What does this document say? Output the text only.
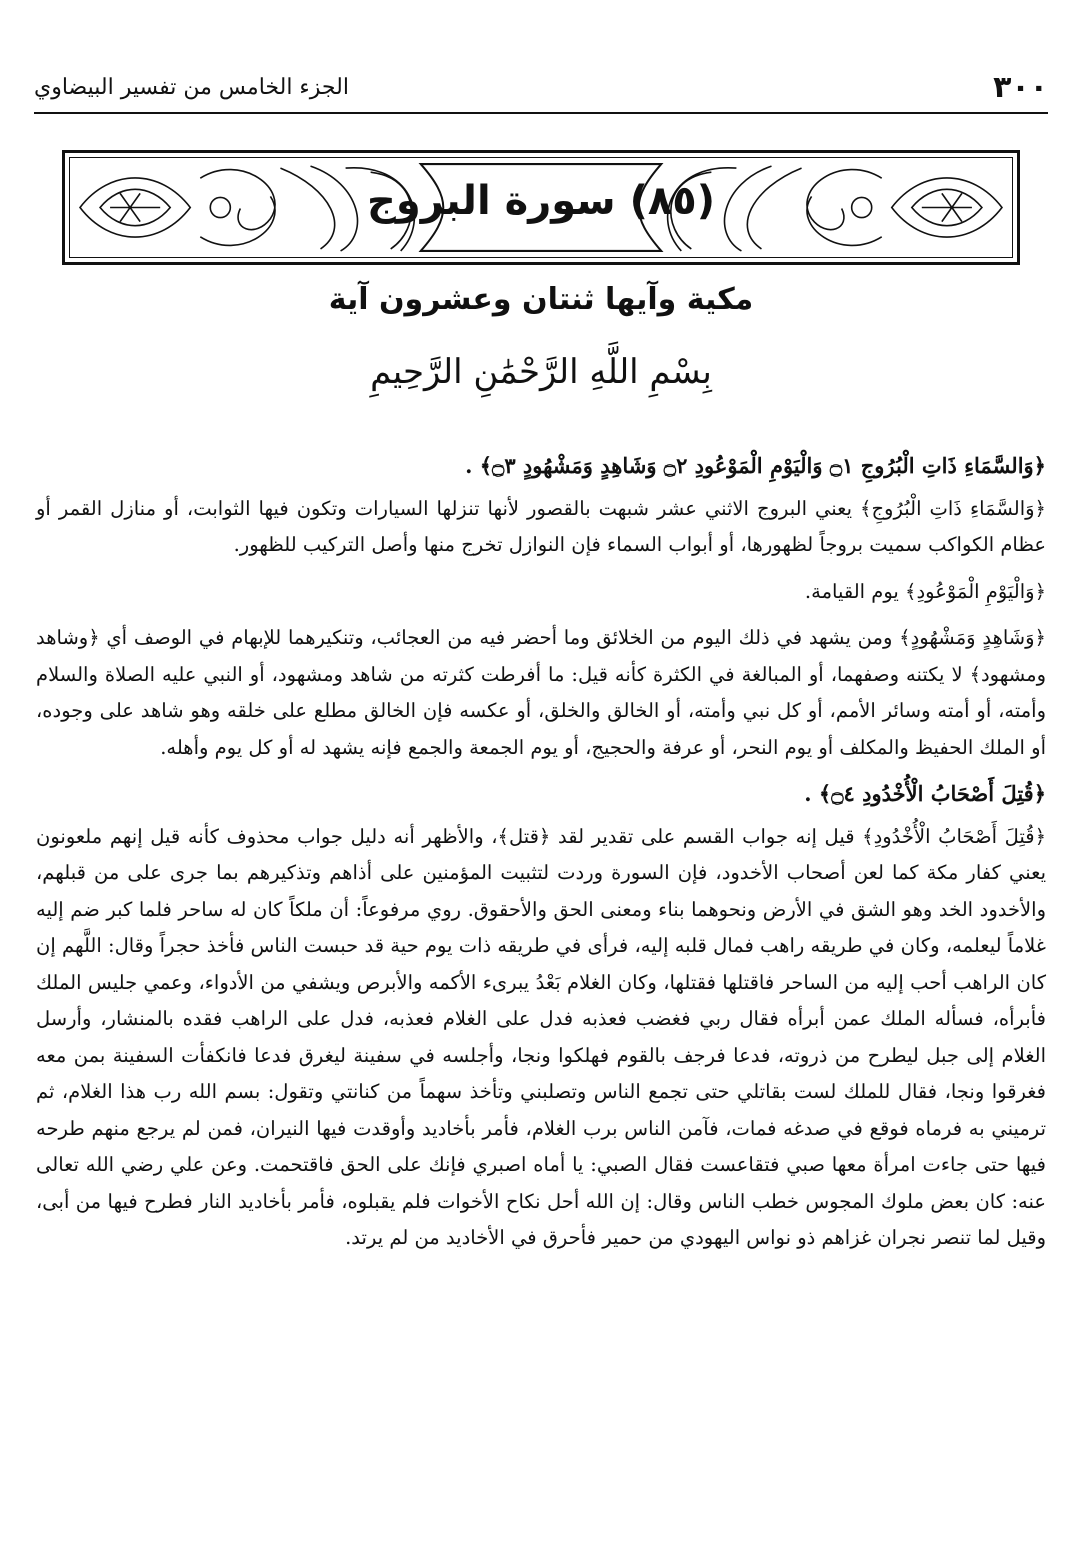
٣٠٠
الجزء الخامس من تفسير البيضاوي
(٨٥) سورة البروج
مكية وآيها ثنتان وعشرون آية
بِسْمِ اللَّهِ الرَّحْمَٰنِ الرَّحِيمِ

﴿وَالسَّمَاءِ ذَاتِ الْبُرُوجِ ۝١ وَالْيَوْمِ الْمَوْعُودِ ۝٢ وَشَاهِدٍ وَمَشْهُودٍ ۝٣﴾ .

﴿وَالسَّمَاءِ ذَاتِ الْبُرُوجِ﴾ يعني البروج الاثني عشر شبهت بالقصور لأنها تنزلها السيارات وتكون فيها الثوابت، أو منازل القمر أو عظام الكواكب سميت بروجاً لظهورها، أو أبواب السماء فإن النوازل تخرج منها وأصل التركيب للظهور.

﴿وَالْيَوْمِ الْمَوْعُودِ﴾ يوم القيامة.

﴿وَشَاهِدٍ وَمَشْهُودٍ﴾ ومن يشهد في ذلك اليوم من الخلائق وما أحضر فيه من العجائب، وتنكيرهما للإبهام في الوصف أي ﴿وشاهد ومشهود﴾ لا يكتنه وصفهما، أو المبالغة في الكثرة كأنه قيل: ما أفرطت كثرته من شاهد ومشهود، أو النبي عليه الصلاة والسلام وأمته، أو أمته وسائر الأمم، أو كل نبي وأمته، أو الخالق والخلق، أو عكسه فإن الخالق مطلع على خلقه وهو شاهد على وجوده، أو الملك الحفيظ والمكلف أو يوم النحر، أو عرفة والحجيج، أو يوم الجمعة والجمع فإنه يشهد له أو كل يوم وأهله.

﴿قُتِلَ أَصْحَابُ الْأُخْدُودِ ۝٤﴾ .

﴿قُتِلَ أَصْحَابُ الْأُخْدُودِ﴾ قيل إنه جواب القسم على تقدير لقد ﴿قتل﴾، والأظهر أنه دليل جواب محذوف كأنه قيل إنهم ملعونون يعني كفار مكة كما لعن أصحاب الأخدود، فإن السورة وردت لتثبيت المؤمنين على أذاهم وتذكيرهم بما جرى على من قبلهم، والأخدود الخد وهو الشق في الأرض ونحوهما بناء ومعنى الحق والأحقوق. روي مرفوعاً: أن ملكاً كان له ساحر فلما كبر ضم إليه غلاماً ليعلمه، وكان في طريقه راهب فمال قلبه إليه، فرأى في طريقه ذات يوم حية قد حبست الناس فأخذ حجراً وقال: اللَّهم إن كان الراهب أحب إليه من الساحر فاقتلها فقتلها، وكان الغلام بَعْدُ يبرىء الأكمه والأبرص ويشفي من الأدواء، وعمي جليس الملك فأبرأه، فسأله الملك عمن أبرأه فقال ربي فغضب فعذبه فدل على الغلام فعذبه، فدل على الراهب فقده بالمنشار، وأرسل الغلام إلى جبل ليطرح من ذروته، فدعا فرجف بالقوم فهلكوا ونجا، وأجلسه في سفينة ليغرق فدعا فانكفأت السفينة بمن معه فغرقوا ونجا، فقال للملك لست بقاتلي حتى تجمع الناس وتصلبني وتأخذ سهماً من كنانتي وتقول: بسم الله رب هذا الغلام، ثم ترميني به فرماه فوقع في صدغه فمات، فآمن الناس برب الغلام، فأمر بأخاديد وأوقدت فيها النيران، فمن لم يرجع منهم طرحه فيها حتى جاءت امرأة معها صبي فتقاعست فقال الصبي: يا أماه اصبري فإنك على الحق فاقتحمت. وعن علي رضي الله تعالى عنه: كان بعض ملوك المجوس خطب الناس وقال: إن الله أحل نكاح الأخوات فلم يقبلوه، فأمر بأخاديد النار فطرح فيها من أبى، وقيل لما تنصر نجران غزاهم ذو نواس اليهودي من حمير فأحرق في الأخاديد من لم يرتد.
